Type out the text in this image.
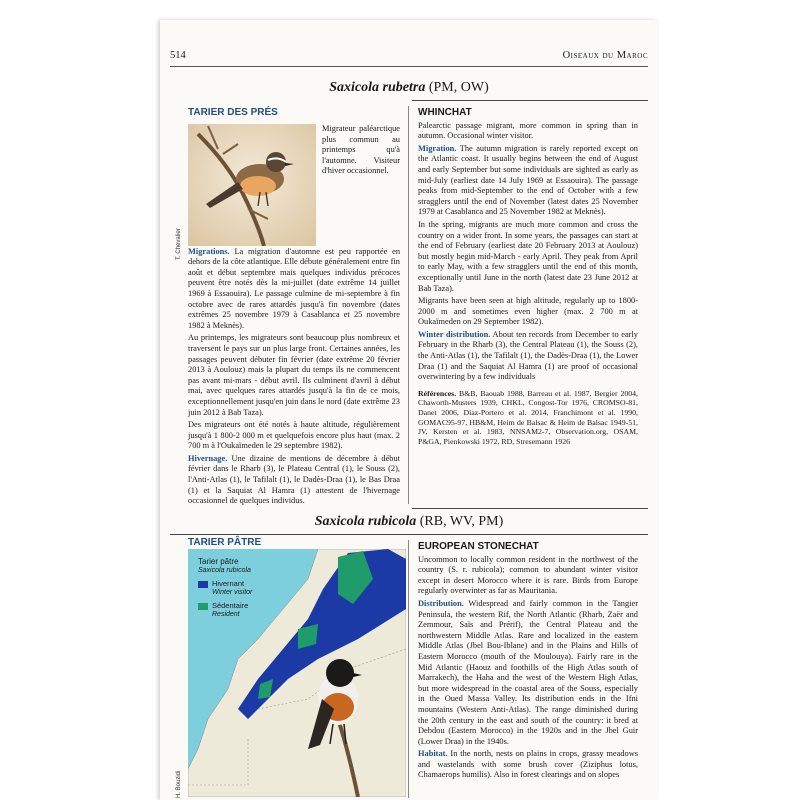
514	Oiseaux du Maroc
Saxicola rubetra (PM, OW)
TARIER DES PRÉS

Migrateur paléarctique plus commun au printemps qu'à l'automne. Visiteur d'hiver occasionnel.

Migrations. La migration d'automne est peu rapportée en dehors de la côte atlantique. Elle débute généralement entre fin août et début septembre mais quelques individus précoces peuvent être notés dès la mi-juillet (date extrême 14 juillet 1969 à Essaouira). Le passage culmine de mi-septembre à fin octobre avec de rares attardés jusqu'à fin novembre (dates extrêmes 25 novembre 1979 à Casablanca et 25 novembre 1982 à Meknès).

Au printemps, les migrateurs sont beaucoup plus nombreux et traversent le pays sur un plus large front. Certaines années, les passages peuvent débuter fin février (date extrême 20 février 2013 à Aoulouz) mais la plupart du temps ils ne commencent pas avant mi-mars - début avril. Ils culminent d'avril à début mai, avec quelques rares attardés jusqu'à la fin de ce mois, exceptionnellement jusqu'en juin dans le nord (date extrême 23 juin 2012 à Bab Taza).

Des migrateurs ont été notés à haute altitude, régulièrement jusqu'à 1 800-2 000 m et quelquefois encore plus haut (max. 2 700 m à l'Oukaïmeden le 29 septembre 1982).

Hivernage. Une dizaine de mentions de décembre à début février dans le Rharb (3), le Plateau Central (1), le Souss (2), l'Anti-Atlas (1), le Tafilalt (1), le Dadès-Draa (1), le Bas Draa (1) et la Saquiat Al Hamra (1) attestent de l'hivernage occasionnel de quelques individus.

T. Chevalier
WHINCHAT

Palearctic passage migrant, more common in spring than in autumn. Occasional winter visitor.

Migration. The autumn migration is rarely reported except on the Atlantic coast. It usually begins between the end of August and early September but some individuals are sighted as early as mid-July (earliest date 14 July 1969 at Essaouira). The passage peaks from mid-September to the end of October with a few stragglers until the end of November (latest dates 25 November 1979 at Casablanca and 25 November 1982 at Meknès).

In the spring, migrants are much more common and cross the country on a wider front. In some years, the passages can start at the end of February (earliest date 20 February 2013 at Aoulouz) but mostly begin mid-March - early April. They peak from April to early May, with a few stragglers until the end of this month, exceptionally until June in the north (latest date 23 June 2012 at Bab Taza).

Migrants have been seen at high altitude, regularly up to 1800-2000 m and sometimes even higher (max. 2 700 m at Oukaïmeden on 29 September 1982).

Winter distribution. About ten records from December to early February in the Rharb (3), the Central Plateau (1), the Souss (2), the Anti-Atlas (1), the Tafilalt (1), the Dadès-Draa (1), the Lower Draa (1) and the Saquiat Al Hamra (1) are proof of occasional overwintering by a few individuals

Références. B&B, Baouab 1988, Barreau et al. 1987, Bergier 2004, Chaworth-Musters 1939, CHKL, Congost-Tor 1976, CROMSO-81, Danet 2006, Díaz-Portero et al. 2014, Franchimont et al. 1990, GOMAC95-97, HB&M, Heim de Balsac & Heim de Balsac 1949-51, JV, Kersten et al. 1983, NNSAM2-7, Observation.org, OSAM, P&GA, Pienkowski 1972, RD, Stresemann 1926

Saxicola rubicola (RB, WV, PM)
TARIER PÂTRE
Tarier pâtre
Saxicola rubicola
Hivernant
Winter visitor
Sédentaire
Resident
H. Bouzidi
EUROPEAN STONECHAT

Uncommon to locally common resident in the northwest of the country (S. r. rubicola); common to abundant winter visitor except in desert Morocco where it is rare. Birds from Europe regularly overwinter as far as Mauritania.

Distribution. Widespread and fairly common in the Tangier Peninsula, the western Rif, the North Atlantic (Rharb, Zaër and Zemmour, Saïs and Prérif), the Central Plateau and the northwestern Middle Atlas. Rare and localized in the eastern Middle Atlas (Jbel Bou-Iblane) and in the Plains and Hills of Eastern Morocco (mouth of the Moulouya). Fairly rare in the Mid Atlantic (Haouz and foothills of the High Atlas south of Marrakech), the Haha and the west of the Western High Atlas, but more widespread in the coastal area of the Souss, especially in the Oued Massa Valley. Its distribution ends in the Ifni mountains (Western Anti-Atlas). The range diminished during the 20th century in the east and south of the country: it bred at Debdou (Eastern Morocco) in the 1920s and in the Jbel Guir (Lower Draa) in the 1940s.

Habitat. In the north, nests on plains in crops, grassy meadows and wastelands with some brush cover (Ziziphus lotus, Chamaerops humilis). Also in forest clearings and on slopes
